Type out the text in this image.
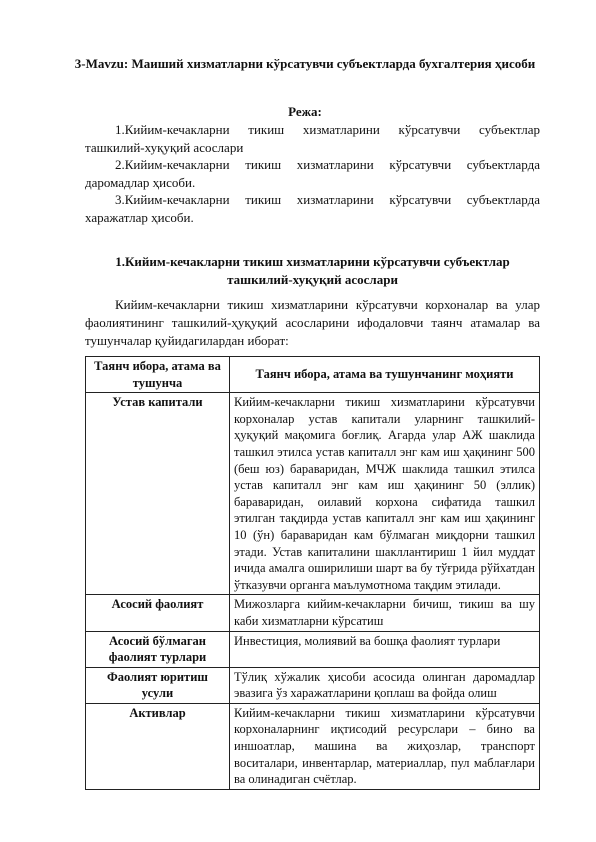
3-Mavzu: Маиший хизматларни кўрсатувчи субъектларда бухгалтерия ҳисоби
Режа:

1.Кийим-кечакларни тикиш хизматларини кўрсатувчи субъектлар ташкилий-хуқуқий асослари

2.Кийим-кечакларни тикиш хизматларини кўрсатувчи субъектларда даромадлар ҳисоби.

3.Кийим-кечакларни тикиш хизматларини кўрсатувчи субъектларда харажатлар ҳисоби.

1.Кийим-кечакларни тикиш хизматларини кўрсатувчи субъектлар ташкилий-хуқуқий асослари
Кийим-кечакларни тикиш хизматларини кўрсатувчи корхоналар ва улар фаолиятининг ташкилий-ҳуқуқий асосларини ифодаловчи таянч атамалар ва тушунчалар қуйидагилардан иборат:
Таянч ибора, атама ва тушунча	Таянч ибора, атама ва тушунчанинг моҳияти
Устав капитали	Кийим-кечакларни тикиш хизматларини кўрсатувчи корхоналар устав капитали уларнинг ташкилий-ҳуқуқий мақомига боғлиқ. Агарда улар АЖ шаклида ташкил этилса устав капиталл энг кам иш ҳақининг 500 (беш юз) бараваридан, МЧЖ шаклида ташкил этилса устав капиталл энг кам иш ҳақининг 50 (эллик) бараваридан, оилавий корхона сифатида ташкил этилган тақдирда устав капиталл энг кам иш ҳақининг 10 (ўн) бараваридан кам бўлмаган миқдорни ташкил этади. Устав капиталини шакллантириш 1 йил муддат ичида амалга оширилиши шарт ва бу тўғрида рўйхатдан ўтказувчи органга маълумотнома тақдим этилади.
Асосий фаолият	Мижозларга кийим-кечакларни бичиш, тикиш ва шу каби хизматларни кўрсатиш
Асосий бўлмаган фаолият турлари	Инвестиция, молиявий ва бошқа фаолият турлари
Фаолият юритиш усули	Тўлиқ хўжалик ҳисоби асосида олинган даромадлар эвазига ўз харажатларини қоплаш ва фойда олиш
Активлар	Кийим-кечакларни тикиш хизматларини кўрсатувчи корхоналарнинг иқтисодий ресурслари – бино ва иншоатлар, машина ва жиҳозлар, транспорт воситалари, инвентарлар, материаллар, пул маблағлари ва олинадиган счётлар.
